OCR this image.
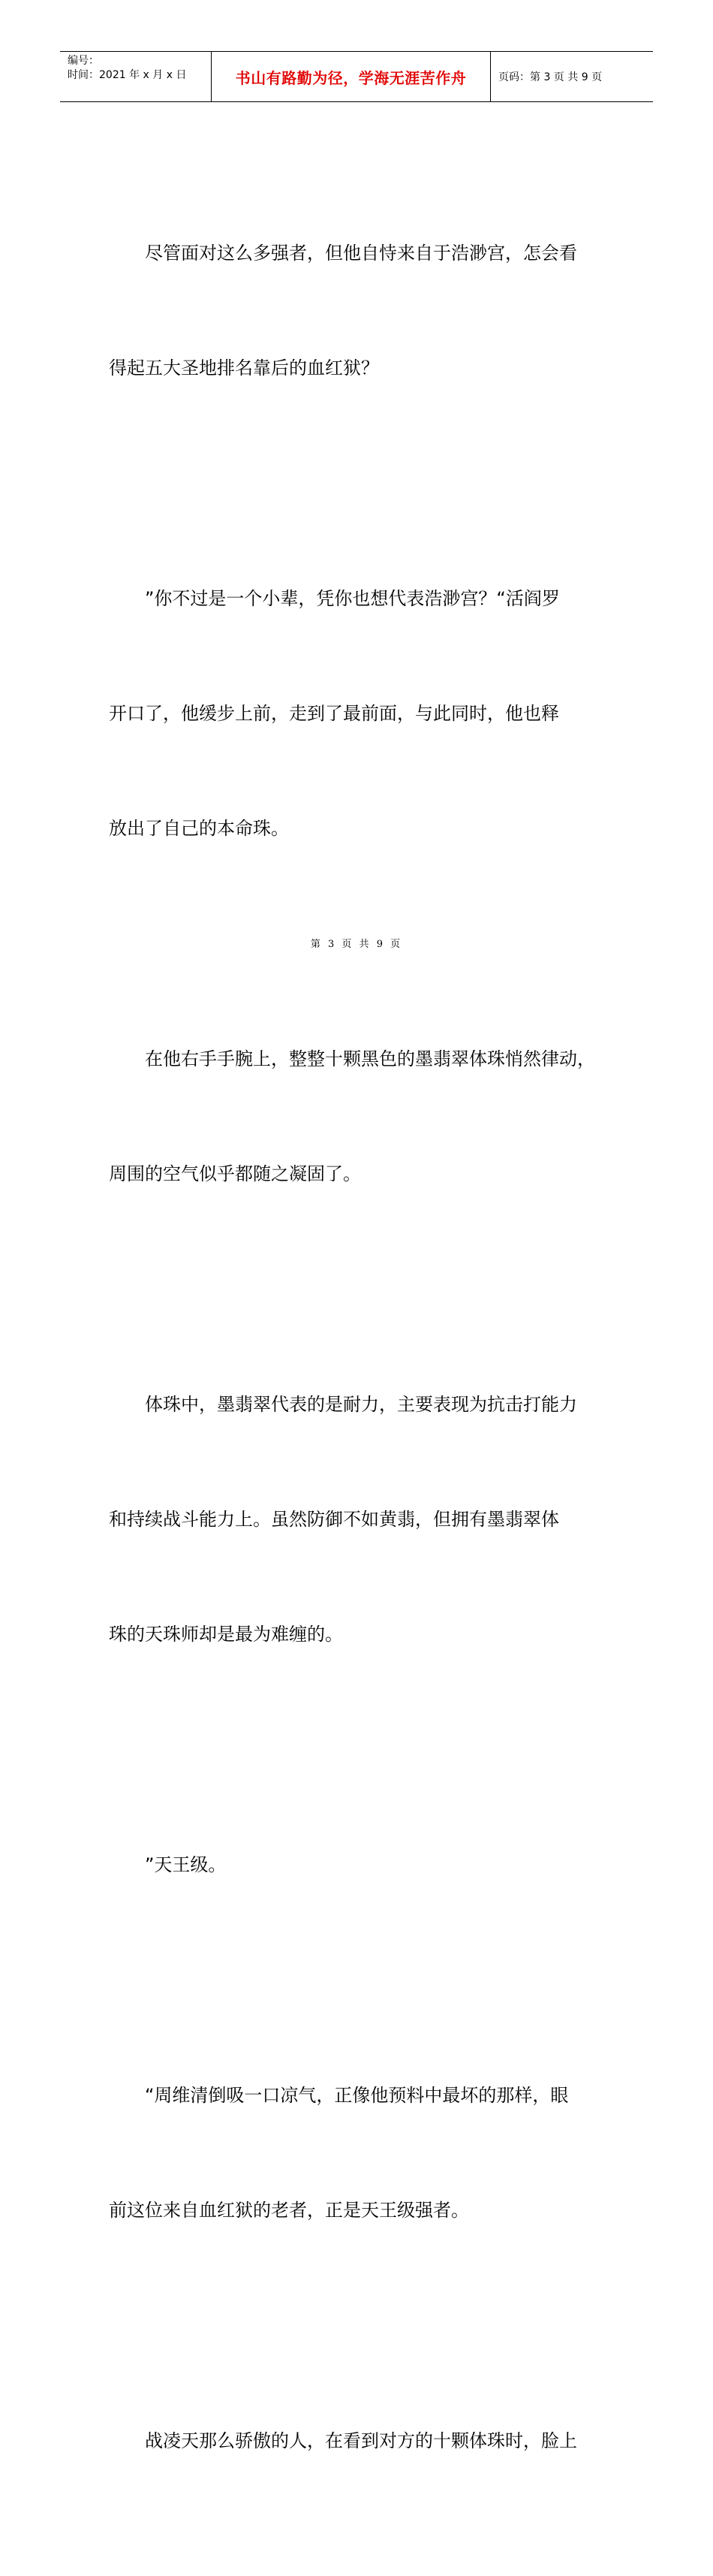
编号：
时间：2021 年 x 月 x 日	书山有路勤为径，学海无涯苦作舟	页码：第 3 页 共 9 页

　　尽管面对这么多强者，但他自恃来自于浩渺宫，怎会看

得起五大圣地排名靠后的血红狱？

　　”你不过是一个小辈，凭你也想代表浩渺宫？“活阎罗

开口了，他缓步上前，走到了最前面，与此同时，他也释

放出了自己的本命珠。

　　在他右手手腕上，整整十颗黑色的墨翡翠体珠悄然律动，

周围的空气似乎都随之凝固了。

　　体珠中，墨翡翠代表的是耐力，主要表现为抗击打能力

和持续战斗能力上。虽然防御不如黄翡，但拥有墨翡翠体

珠的天珠师却是最为难缠的。

　　”天王级。

　　“周维清倒吸一口凉气，正像他预料中最坏的那样，眼

前这位来自血红狱的老者，正是天王级强者。

　　战凌天那么骄傲的人，在看到对方的十颗体珠时，脸上

第 3 页 共 9 页
